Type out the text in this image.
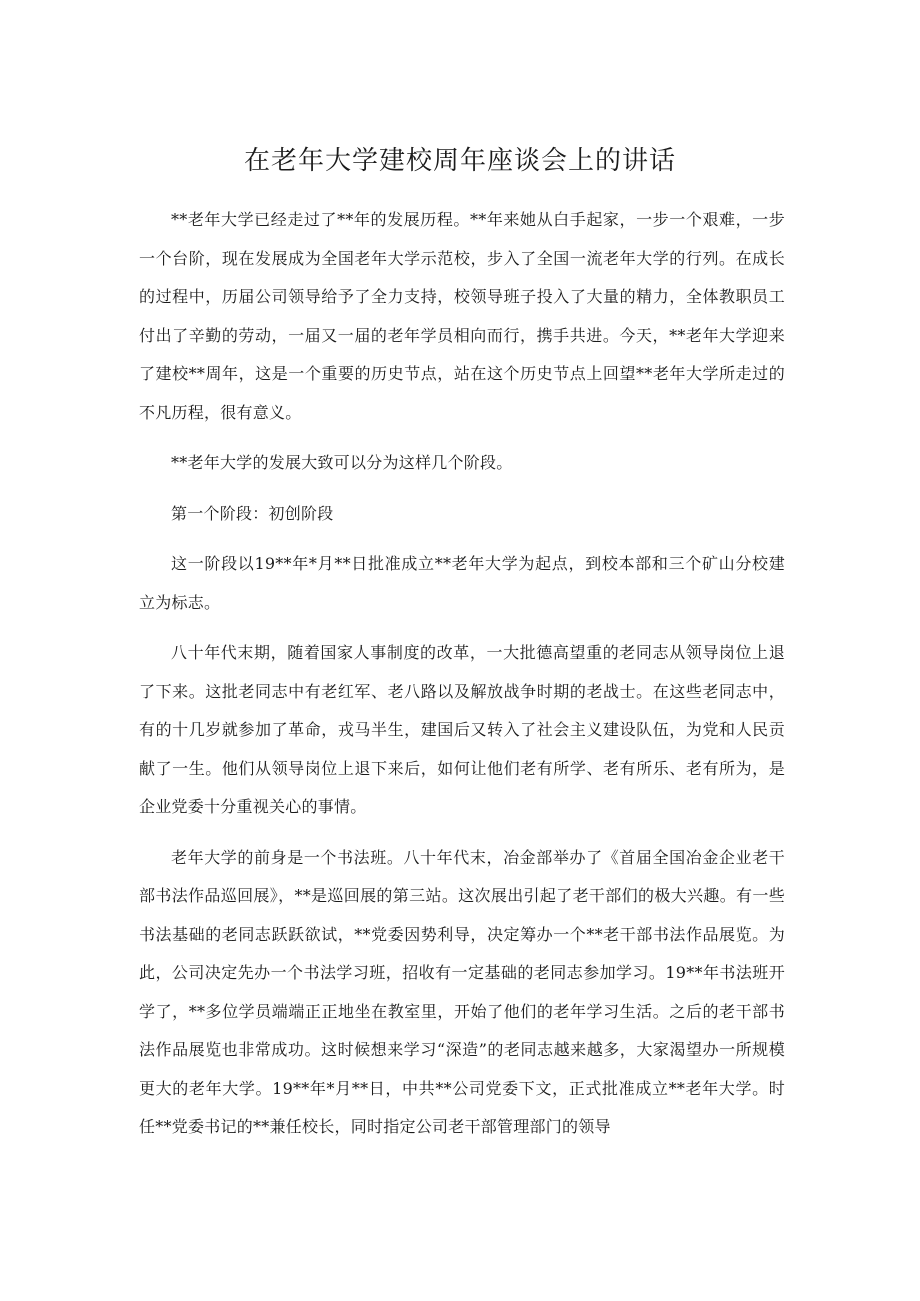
在老年大学建校周年座谈会上的讲话

**老年大学已经走过了**年的发展历程。**年来她从白手起家，一步一个艰难，一步一个台阶，现在发展成为全国老年大学示范校，步入了全国一流老年大学的行列。在成长的过程中，历届公司领导给予了全力支持，校领导班子投入了大量的精力，全体教职员工付出了辛勤的劳动，一届又一届的老年学员相向而行，携手共进。今天，**老年大学迎来了建校**周年，这是一个重要的历史节点，站在这个历史节点上回望**老年大学所走过的不凡历程，很有意义。

**老年大学的发展大致可以分为这样几个阶段。

第一个阶段：初创阶段

这一阶段以19**年*月**日批准成立**老年大学为起点，到校本部和三个矿山分校建立为标志。

八十年代末期，随着国家人事制度的改革，一大批德高望重的老同志从领导岗位上退了下来。这批老同志中有老红军、老八路以及解放战争时期的老战士。在这些老同志中，有的十几岁就参加了革命，戎马半生，建国后又转入了社会主义建设队伍，为党和人民贡献了一生。他们从领导岗位上退下来后，如何让他们老有所学、老有所乐、老有所为，是企业党委十分重视关心的事情。

老年大学的前身是一个书法班。八十年代末，冶金部举办了《首届全国冶金企业老干部书法作品巡回展》，**是巡回展的第三站。这次展出引起了老干部们的极大兴趣。有一些书法基础的老同志跃跃欲试，**党委因势利导，决定筹办一个**老干部书法作品展览。为此，公司决定先办一个书法学习班，招收有一定基础的老同志参加学习。19**年书法班开学了，**多位学员端端正正地坐在教室里，开始了他们的老年学习生活。之后的老干部书法作品展览也非常成功。这时候想来学习“深造”的老同志越来越多，大家渴望办一所规模更大的老年大学。19**年*月**日，中共**公司党委下文，正式批准成立**老年大学。时任**党委书记的**兼任校长，同时指定公司老干部管理部门的领导
